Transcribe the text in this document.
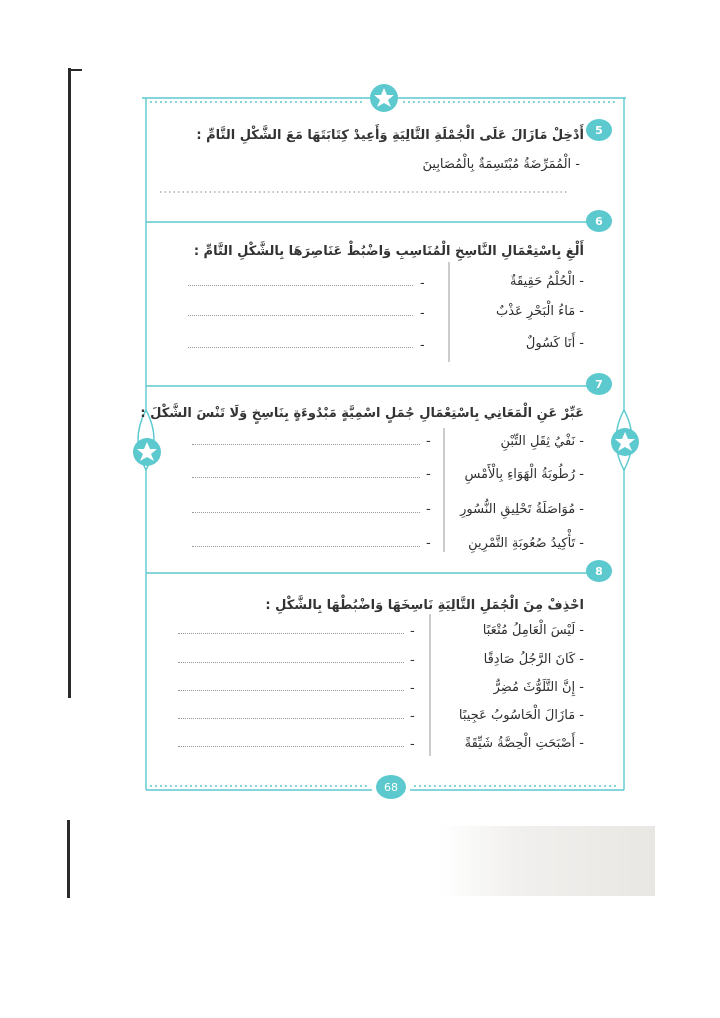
5
أَدْخِلْ مَازَالَ عَلَى الْجُمْلَةِ التَّالِيَةِ وَأَعِيدْ كِتَابَتَهَا مَعَ الشَّكْلِ التَّامِّ :
- الْمُمَرِّضَةُ مُبْتَسِمَةٌ بِالْمُصَابِينَ
6
أَلْغِ بِاسْتِعْمَالِ النَّاسِخِ الْمُنَاسِبِ وَاضْبُطْ عَنَاصِرَهَا بِالشَّكْلِ التَّامِّ :
- الْحُلْمُ حَقِيقَةٌ
- مَاءُ الْبَحْرِ عَذْبٌ
- أَنَا كَسُولٌ
-
-
-
7
عَبِّرْ عَنِ الْمَعَانِي بِاسْتِعْمَالِ جُمَلٍ اسْمِيَّةٍ مَبْدُوءَةٍ بِنَاسِخٍ وَلَا تَنْسَ الشَّكْلَ :
- نَفْيُ ثِقَلِ التِّبْنِ
- رُطُوبَةُ الْهَوَاءِ بِالْأَمْسِ
- مُوَاصَلَةُ تَحْلِيقِ النُّسُورِ
- تَأْكِيدُ صُعُوبَةِ التَّمْرِينِ
-
-
-
-
8
احْذِفْ مِنَ الْجُمَلِ التَّالِيَةِ نَاسِخَهَا وَاضْبُطْهَا بِالشَّكْلِ :
- لَيْسَ الْعَامِلُ مُتْعَبًا
- كَانَ الرَّجُلُ صَادِقًا
- إِنَّ التَّلَوُّثَ مُضِرٌّ
- مَازَالَ الْحَاسُوبُ عَجِيبًا
- أَصْبَحَتِ الْحِصَّةُ شَيِّقَةً
-
-
-
-
-
68
